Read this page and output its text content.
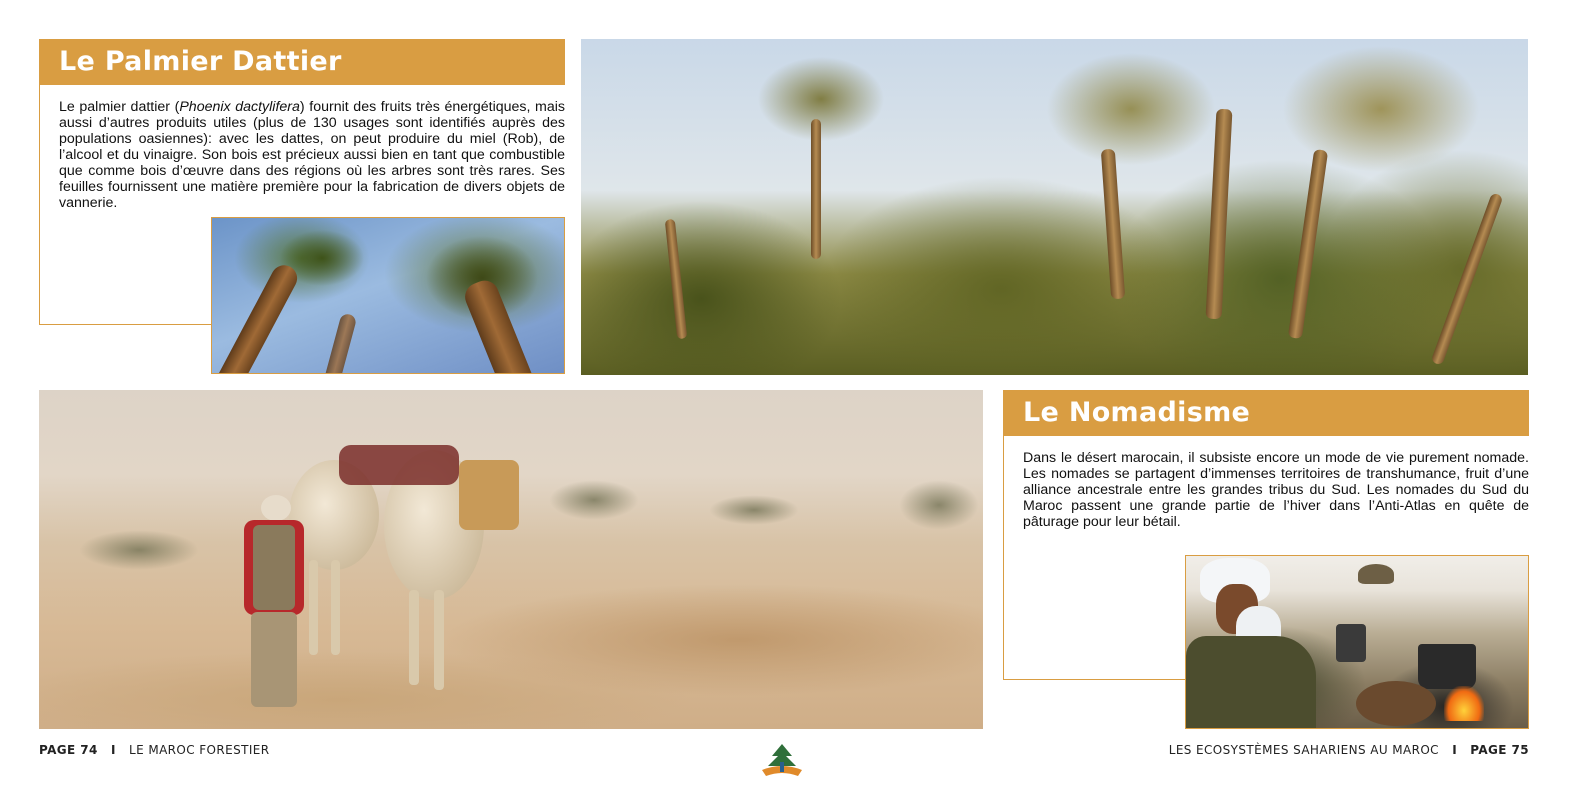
Le Palmier Dattier
Le palmier dattier (Phoenix dactylifera) fournit des fruits très énergétiques, mais aussi d’autres produits utiles (plus de 130 usages sont identifiés auprès des populations oasiennes): avec les dattes, on peut produire du miel (Rob), de l’alcool et du vinaigre. Son bois est précieux aussi bien en tant que combustible que comme bois d’œuvre dans des régions où les arbres sont très rares. Ses feuilles fournissent une matière première pour la fabrication de divers objets de vannerie.
Le Nomadisme
Dans le désert marocain, il subsiste encore un mode de vie purement nomade. Les nomades se partagent d’immenses territoires de transhumance, fruit d’une alliance ancestrale entre les grandes tribus du Sud. Les nomades du Sud du Maroc passent une grande partie de l’hiver dans l’Anti-Atlas en quête de pâturage pour leur bétail.
PAGE 74 I LE MAROC FORESTIER	LES ECOSYSTÈMES SAHARIENS AU MAROC I PAGE 75
